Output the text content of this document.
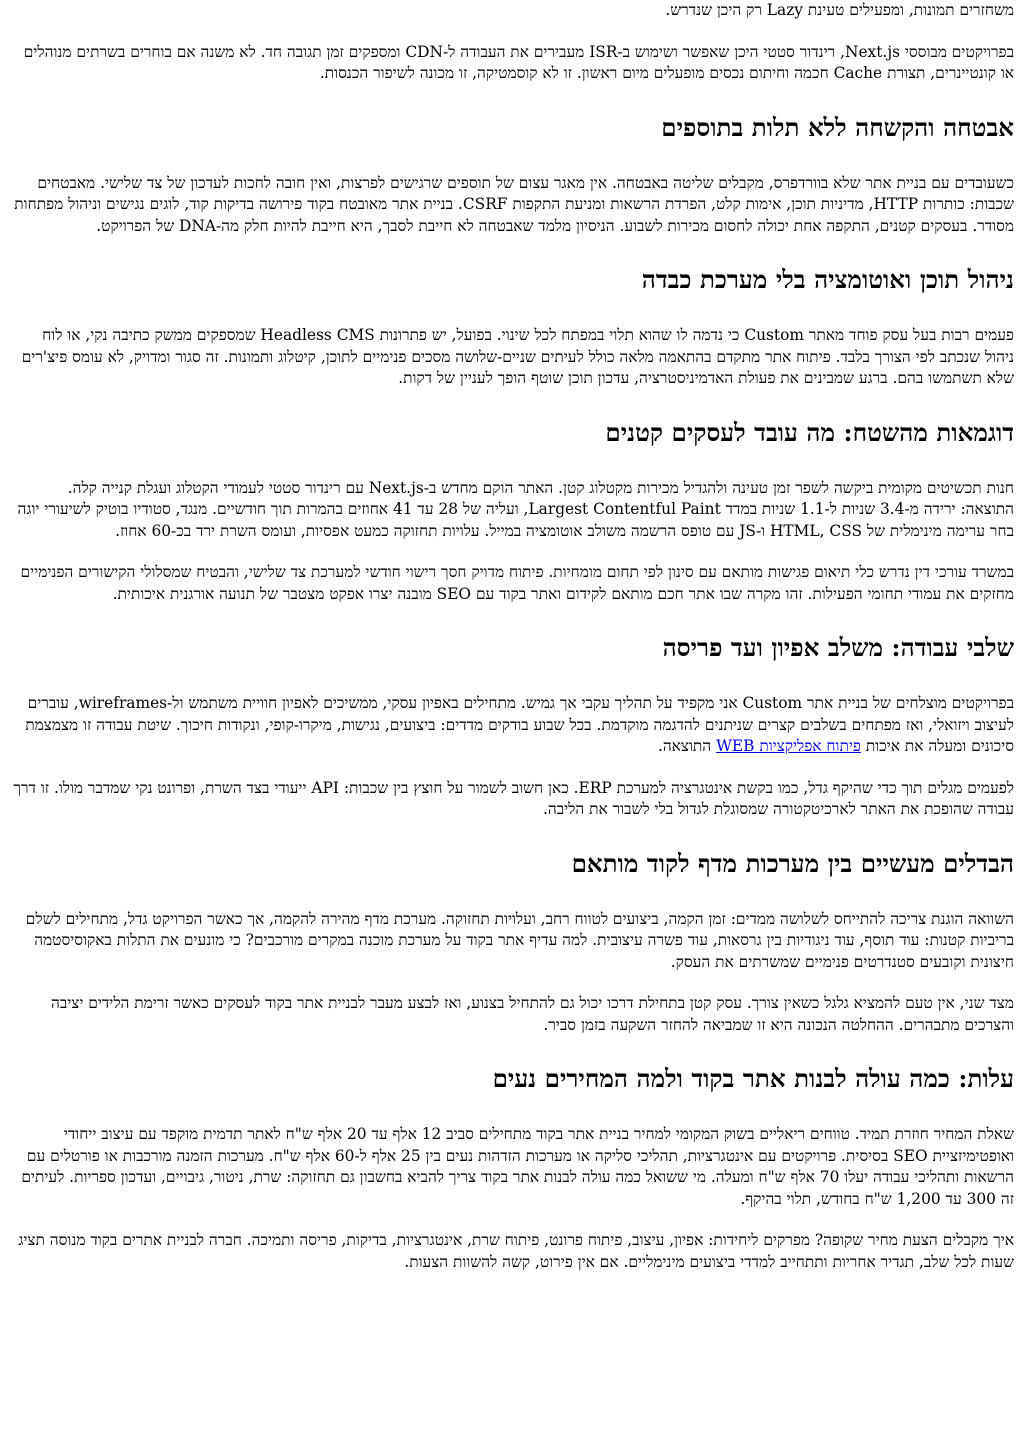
משחזרים תמונות, ומפעילים טעינת Lazy רק היכן שנדרש.

בפרויקטים מבוססי Next.js, רינדור סטטי היכן שאפשר ושימוש ב-ISR מעבירים את העבודה ל-CDN ומספקים זמן תגובה חד. לא משנה אם בוחרים בשרתים מנוהלים או קונטיינרים, תצורת Cache חכמה וחיתום נכסים מופעלים מיום ראשון. זו לא קוסמטיקה, זו מכונה לשיפור הכנסות.

אבטחה והקשחה ללא תלות בתוספים

כשעובדים עם בניית אתר שלא בוורדפרס, מקבלים שליטה באבטחה. אין מאגר עצום של תוספים שרגישים לפרצות, ואין חובה לחכות לעדכון של צד שלישי. מאבטחים שכבות: כותרות HTTP, מדיניות תוכן, אימות קלט, הפרדת הרשאות ומניעת התקפות CSRF. בניית אתר מאובטח בקוד פירושה בדיקות קוד, לוגים נגישים וניהול מפתחות מסודר. בעסקים קטנים, התקפה אחת יכולה לחסום מכירות לשבוע. הניסיון מלמד שאבטחה לא חייבת לסבך, היא חייבת להיות חלק מה-DNA של הפרויקט.

ניהול תוכן ואוטומציה בלי מערכת כבדה

פעמים רבות בעל עסק פוחד מאתר Custom כי נדמה לו שהוא תלוי במפתח לכל שינוי. בפועל, יש פתרונות Headless CMS שמספקים ממשק כתיבה נקי, או לוח ניהול שנכתב לפי הצורך בלבד. פיתוח אתר מתקדם בהתאמה מלאה כולל לעיתים שניים-שלושה מסכים פנימיים לתוכן, קיטלוג ותמונות. זה סגור ומדויק, לא עומס פיצ'רים שלא תשתמשו בהם. ברגע שמבינים את פעולת האדמיניסטרציה, עדכון תוכן שוטף הופך לעניין של דקות.

דוגמאות מהשטח: מה עובד לעסקים קטנים

חנות תכשיטים מקומית ביקשה לשפר זמן טעינה ולהגדיל מכירות מקטלוג קטן. האתר הוקם מחדש ב-Next.js עם רינדור סטטי לעמודי הקטלוג ועגלת קנייה קלה. התוצאה: ירידה מ-3.4 שניות ל-1.1 שניות במדד Largest Contentful Paint, ועליה של 28 עד 41 אחוזים בהמרות תוך חודשיים. מנגד, סטודיו בוטיק לשיעורי יוגה בחר ערימה מינימלית של HTML, CSS ו-JS עם טופס הרשמה משולב אוטומציה במייל. עלויות תחזוקה כמעט אפסיות, ועומס השרת ירד בכ-60 אחוז.

במשרד עורכי דין נדרש כלי תיאום פגישות מותאם עם סינון לפי תחום מומחיות. פיתוח מדויק חסך רישוי חודשי למערכת צד שלישי, והבטיח שמסלולי הקישורים הפנימיים מחזקים את עמודי תחומי הפעילות. זהו מקרה שבו אתר חכם מותאם לקידום ואתר בקוד עם SEO מובנה יצרו אפקט מצטבר של תנועה אורגנית איכותית.

שלבי עבודה: משלב אפיון ועד פריסה

בפרויקטים מוצלחים של בניית אתר Custom אני מקפיד על תהליך עקבי אך גמיש. מתחילים באפיון עסקי, ממשיכים לאפיון חוויית משתמש ול-wireframes, עוברים לעיצוב ויזואלי, ואז מפתחים בשלבים קצרים שניתנים להדגמה מוקדמת. בכל שבוע בודקים מדדים: ביצועים, נגישות, מיקרו-קופי, ונקודות חיכוך. שיטת עבודה זו מצמצמת סיכונים ומעלה את איכות פיתוח אפליקציות WEB התוצאה.

לפעמים מגלים תוך כדי שהיקף גדל, כמו בקשת אינטגרציה למערכת ERP. כאן חשוב לשמור על חוצץ בין שכבות: API ייעודי בצד השרת, ופרונט נקי שמדבר מולו. זו דרך עבודה שהופכת את האתר לארכיטקטורה שמסוגלת לגדול בלי לשבור את הליבה.

הבדלים מעשיים בין מערכות מדף לקוד מותאם

השוואה הוגנת צריכה להתייחס לשלושה ממדים: זמן הקמה, ביצועים לטווח רחב, ועלויות תחזוקה. מערכת מדף מהירה להקמה, אך כאשר הפרויקט גדל, מתחילים לשלם בריביות קטנות: עוד תוסף, עוד ניגודיות בין גרסאות, עוד פשרה עיצובית. למה עדיף אתר בקוד על מערכת מוכנה במקרים מורכבים? כי מונעים את התלות באקוסיסטמה חיצונית וקובעים סטנדרטים פנימיים שמשרתים את העסק.

מצד שני, אין טעם להמציא גלגל כשאין צורך. עסק קטן בתחילת דרכו יכול גם להתחיל בצנוע, ואז לבצע מעבר לבניית אתר בקוד לעסקים כאשר זרימת הלידים יציבה והצרכים מתבהרים. ההחלטה הנכונה היא זו שמביאה להחזר השקעה בזמן סביר.

עלות: כמה עולה לבנות אתר בקוד ולמה המחירים נעים

שאלת המחיר חוזרת תמיד. טווחים ריאליים בשוק המקומי למחיר בניית אתר בקוד מתחילים סביב 12 אלף עד 20 אלף ש"ח לאתר תדמית מוקפד עם עיצוב ייחודי ואופטימיזציית SEO בסיסית. פרויקטים עם אינטגרציות, תהליכי סליקה או מערכות הזדהות נעים בין 25 אלף ל-60 אלף ש"ח. מערכות הזמנה מורכבות או פורטלים עם הרשאות ותהליכי עבודה יעלו 70 אלף ש"ח ומעלה. מי ששואל כמה עולה לבנות אתר בקוד צריך להביא בחשבון גם תחזוקה: שרת, ניטור, גיבויים, ועדכון ספריות. לעיתים זה 300 עד 1,200 ש"ח בחודש, תלוי בהיקף.

איך מקבלים הצעת מחיר שקופה? מפרקים ליחידות: אפיון, עיצוב, פיתוח פרונט, פיתוח שרת, אינטגרציות, בדיקות, פריסה ותמיכה. חברה לבניית אתרים בקוד מנוסה תציג שעות לכל שלב, תגדיר אחריות ותתחייב למדדי ביצועים מינימליים. אם אין פירוט, קשה להשוות הצעות.
